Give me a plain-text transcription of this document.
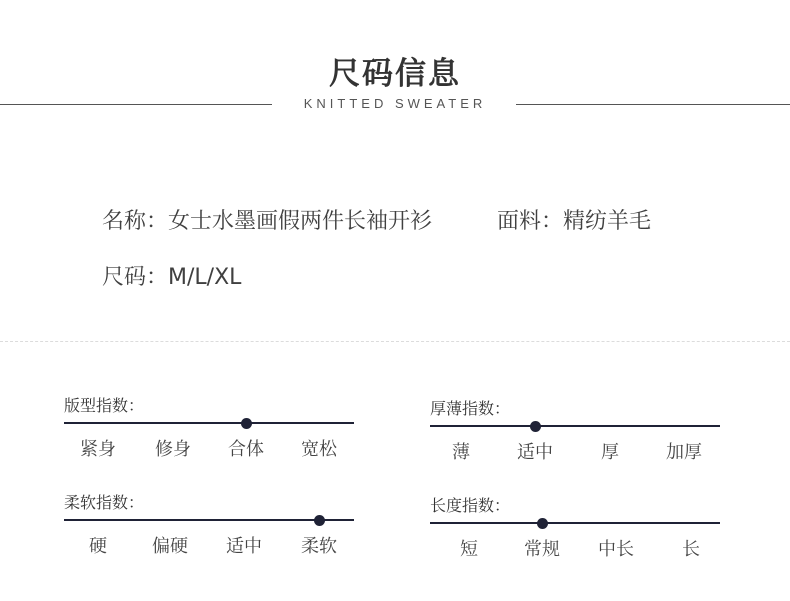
尺码信息
KNITTED SWEATER
名称：女士水墨画假两件长袖开衫	面料：精纺羊毛
尺码：M/L/XL
版型指数：
紧身 修身 合体 宽松
厚薄指数：
薄	适中	厚	加厚
柔软指数：
硬	偏硬 适中 柔软
长度指数：
短	常规 中长	长
